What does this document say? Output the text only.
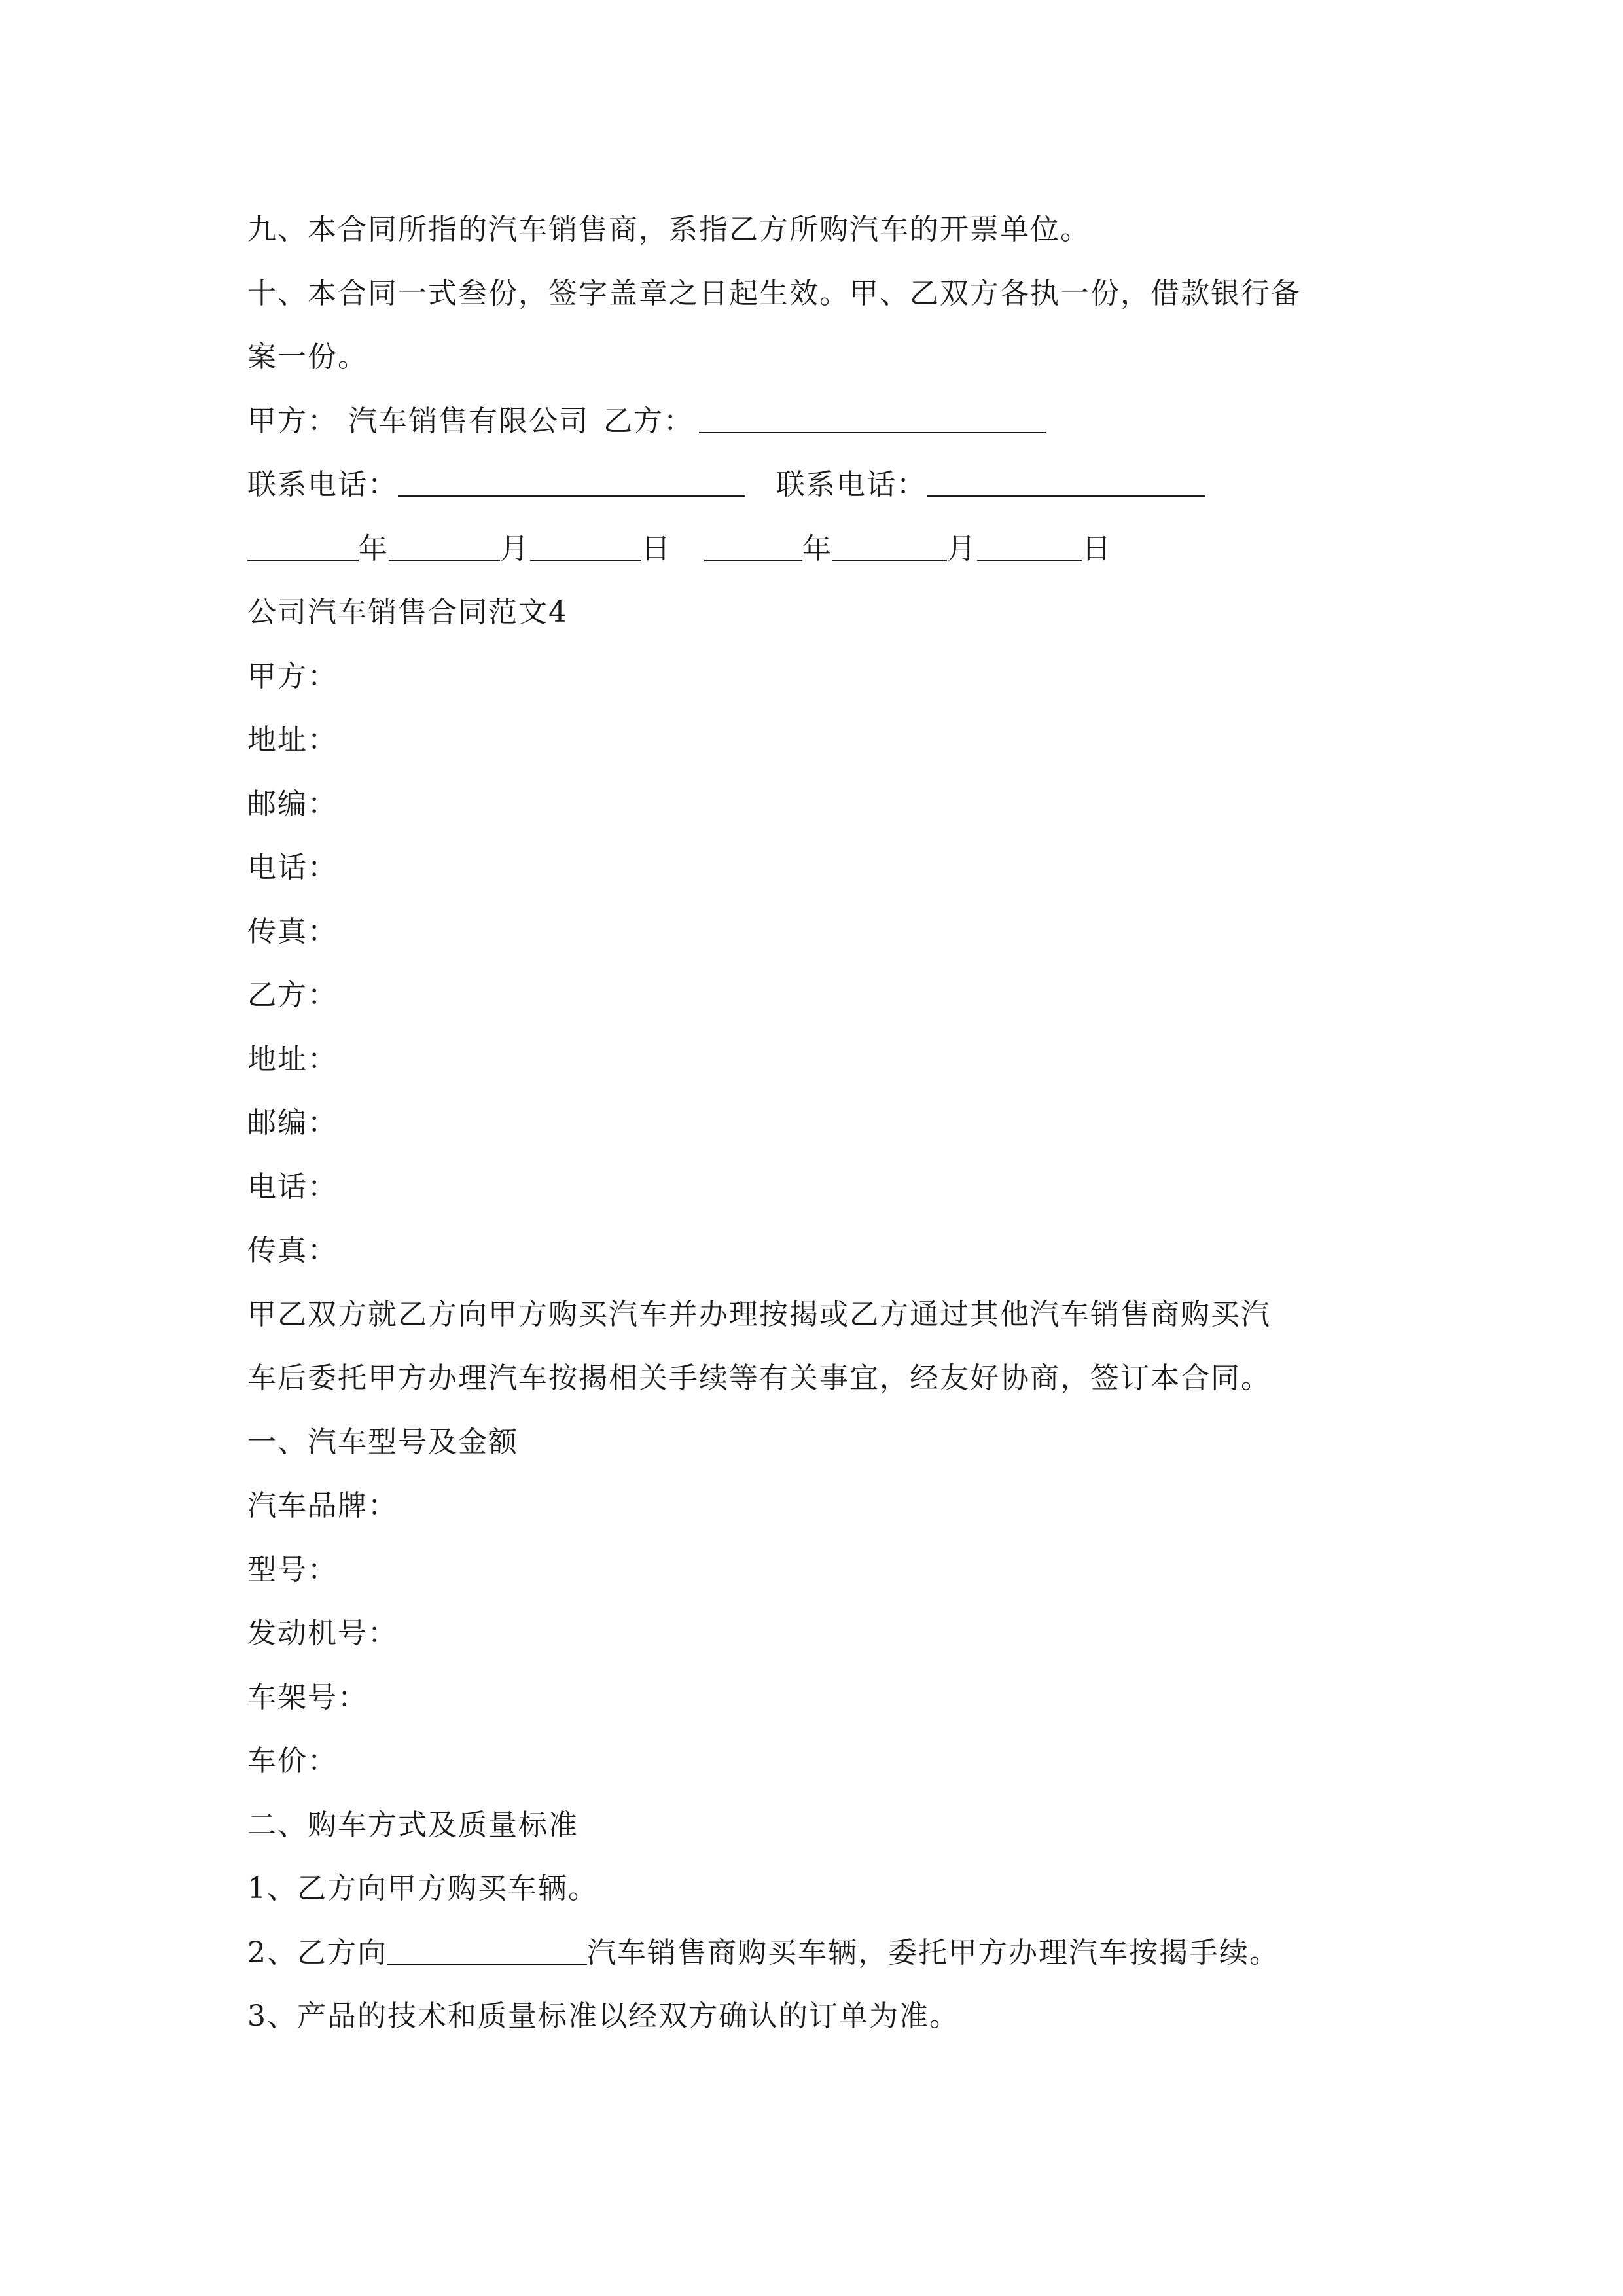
九、本合同所指的汽车销售商，系指乙方所购汽车的开票单位。
十、本合同一式叁份，签字盖章之日起生效。甲、乙双方各执一份，借款银行备
案一份。
甲方： 汽车销售有限公司 乙方：
联系电话：	联系电话：
年	月	日	年	月	日
公司汽车销售合同范文4
甲方：
地址：
邮编：
电话：
传真：
乙方：
地址：
邮编：
电话：
传真：
甲乙双方就乙方向甲方购买汽车并办理按揭或乙方通过其他汽车销售商购买汽
车后委托甲方办理汽车按揭相关手续等有关事宜，经友好协商，签订本合同。
一、汽车型号及金额
汽车品牌：
型号：
发动机号：
车架号：
车价：
二、购车方式及质量标准
1、乙方向甲方购买车辆。
2、乙方向	汽车销售商购买车辆，委托甲方办理汽车按揭手续。
3、产品的技术和质量标准以经双方确认的订单为准。
